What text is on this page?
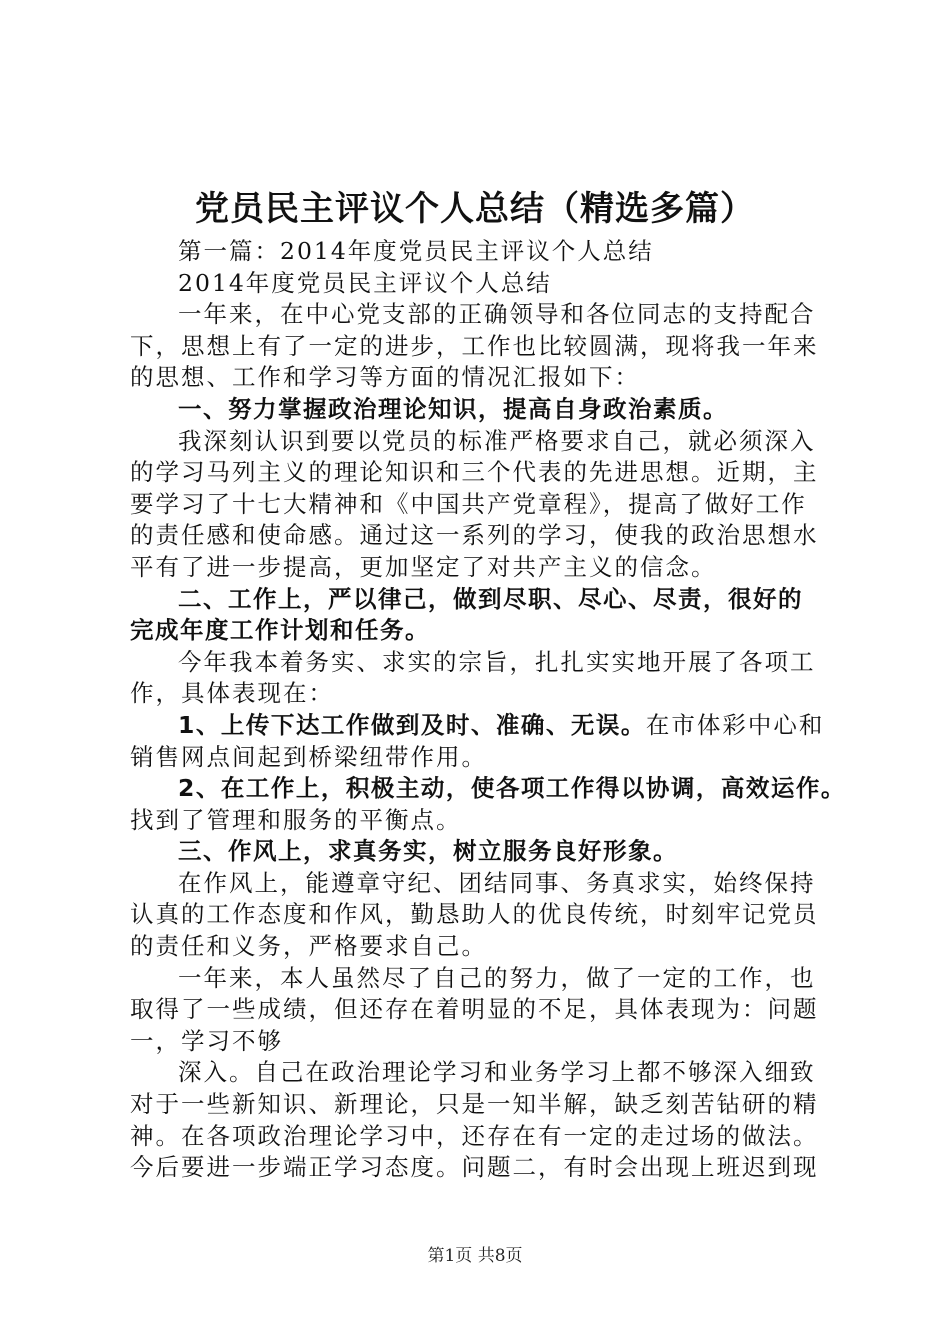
党员民主评议个人总结（精选多篇）
第一篇：2014年度党员民主评议个人总结
2014年度党员民主评议个人总结
一年来，在中心党支部的正确领导和各位同志的支持配合
下，思想上有了一定的进步，工作也比较圆满，现将我一年来
的思想、工作和学习等方面的情况汇报如下：
一、努力掌握政治理论知识，提高自身政治素质。
我深刻认识到要以党员的标准严格要求自己，就必须深入
的学习马列主义的理论知识和三个代表的先进思想。近期，主
要学习了十七大精神和《中国共产党章程》，提高了做好工作
的责任感和使命感。通过这一系列的学习，使我的政治思想水
平有了进一步提高，更加坚定了对共产主义的信念。
二、工作上，严以律己，做到尽职、尽心、尽责，很好的
完成年度工作计划和任务。
今年我本着务实、求实的宗旨，扎扎实实地开展了各项工
作，具体表现在：
1、上传下达工作做到及时、准确、无误。在市体彩中心和
销售网点间起到桥梁纽带作用。
2、在工作上，积极主动，使各项工作得以协调，高效运作。
找到了管理和服务的平衡点。
三、作风上，求真务实，树立服务良好形象。
在作风上，能遵章守纪、团结同事、务真求实，始终保持
认真的工作态度和作风，勤恳助人的优良传统，时刻牢记党员
的责任和义务，严格要求自己。
一年来，本人虽然尽了自己的努力，做了一定的工作，也
取得了一些成绩，但还存在着明显的不足，具体表现为：问题
一，学习不够
深入。自己在政治理论学习和业务学习上都不够深入细致
对于一些新知识、新理论，只是一知半解，缺乏刻苦钻研的精
神。在各项政治理论学习中，还存在有一定的走过场的做法。
今后要进一步端正学习态度。问题二，有时会出现上班迟到现
第1页 共8页
